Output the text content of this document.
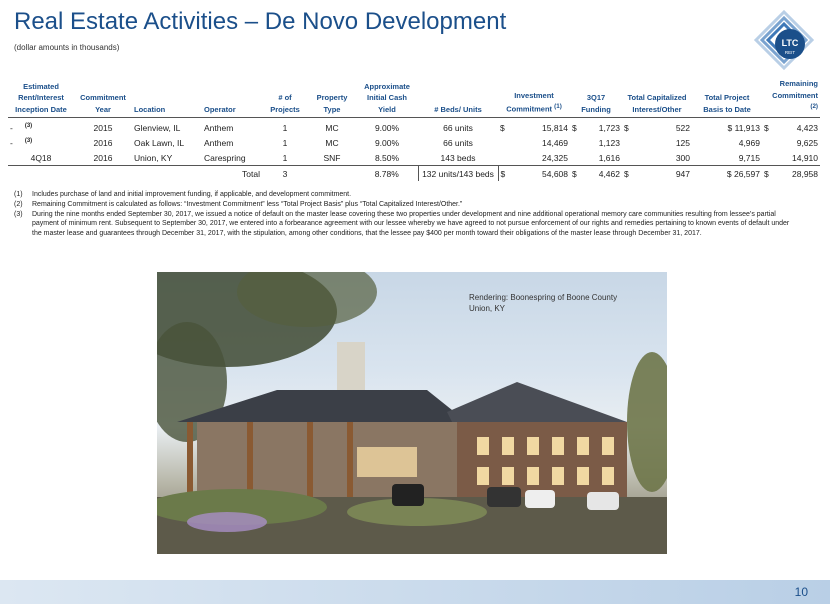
Real Estate Activities – De Novo Development
(dollar amounts in thousands)	LTC
REIT
Estimated Rent/Interest Inception Date	Commitment Year	Location	Operator	# of Projects	Property Type	Approximate Initial Cash Yield	# Beds/ Units	Investment Commitment $^{(1)}$	3Q17 Funding	Total Capitalized Interest/Other	Total Project Basis to Date	Remaining Commitment $^{(2)}$
- $^{(3)}$	2015	Glenview, IL	Anthem	1	MC	9.00%	66 units	$ 15,814	$ 1,723	$ 522	$ 11,913	$ 4,423

- $^{(3)}$	2016	Oak Lawn, IL	Anthem	1	MC	9.00%	66 units	14,469	1,123	125	4,969	9,625
4Q18	2016	Union, KY	Carespring	1	SNF	8.50%	143 beds	24,325	1,616	300	9,715	14,910
		Total		3		8.78%	132 units/143 beds	$ 54,608	$ 4,462	$ 947	$ 26,597	$ 28,958
(1)	Includes purchase of land and initial improvement funding, if applicable, and development commitment.
(2)	Remaining Commitment is calculated as follows: “Investment Commitment” less “Total Project Basis” plus “Total Capitalized Interest/Other.”
(3)	During the nine months ended September 30, 2017, we issued a notice of default on the master lease covering these two properties under development and nine additional operational memory care communities resulting from lessee’s partial payment of minimum rent. Subsequent to September 30, 2017, we entered into a forbearance agreement with our lessee whereby we have agreed to not pursue enforcement of our rights and remedies pertaining to known events of default under the master lease and guarantees through December 31, 2017, with the stipulation, among other conditions, that the lessee pay $400 per month toward their obligations of the master lease through December 31, 2017.
Rendering: Boonespring of Boone County Union, KY
10
